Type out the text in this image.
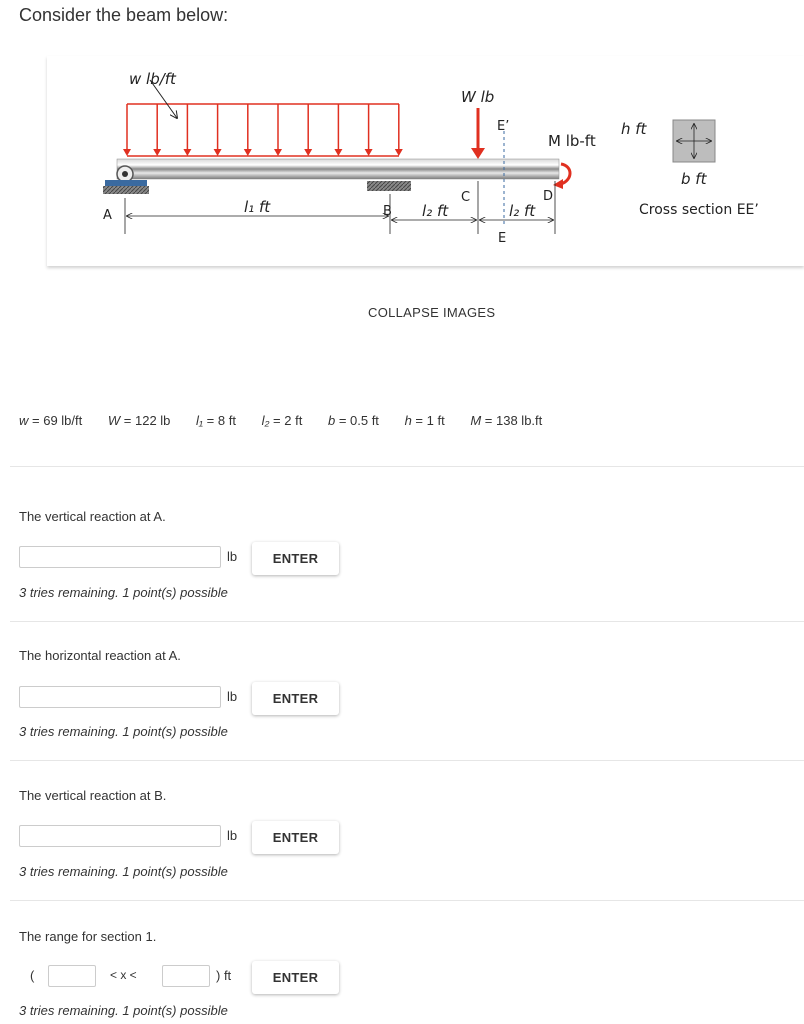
Consider the beam below:
w lb/ft
W lb
E’
M lb-ft
A	B
C	D
E
l₁ ft	l₂ ft	l₂ ft
h ft
b ft
Cross section EE’
COLLAPSE IMAGES
w = 69 lb/ft W = 122 lb l₁ = 8 ft l₂ = 2 ft b = 0.5 ft h = 1 ft M = 138 lb.ft
The vertical reaction at A.
lb	ENTER
3 tries remaining. 1 point(s) possible
The horizontal reaction at A.
lb	ENTER
3 tries remaining. 1 point(s) possible
The vertical reaction at B.
lb	ENTER
3 tries remaining. 1 point(s) possible
The range for section 1.
(	< x <	) ft	ENTER
3 tries remaining. 1 point(s) possible
